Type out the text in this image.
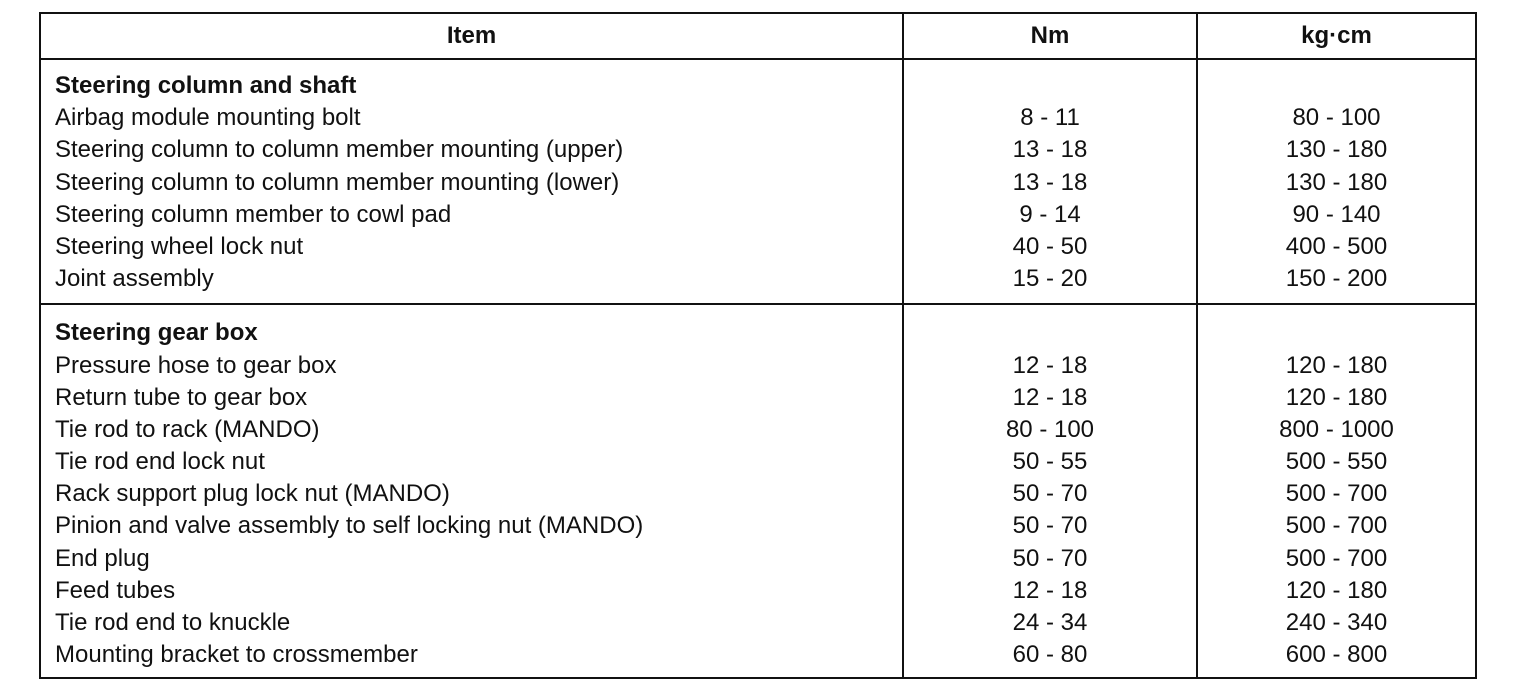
Item	Nm	kg·cm
Steering column and shaft
Airbag module mounting bolt
Steering column to column member mounting (upper)
Steering column to column member mounting (lower)
Steering column member to cowl pad
Steering wheel lock nut
Joint assembly
8 - 11
13 - 18
13 - 18
9 - 14
40 - 50
15 - 20
80 - 100
130 - 180
130 - 180
90 - 140
400 - 500
150 - 200
Steering gear box
Pressure hose to gear box
Return tube to gear box
Tie rod to rack (MANDO)
Tie rod end lock nut
Rack support plug lock nut (MANDO)
Pinion and valve assembly to self locking nut (MANDO)
End plug
Feed tubes
Tie rod end to knuckle
Mounting bracket to crossmember
12 - 18
12 - 18
80 - 100
50 - 55
50 - 70
50 - 70
50 - 70
12 - 18
24 - 34
60 - 80
120 - 180
120 - 180
800 - 1000
500 - 550
500 - 700
500 - 700
500 - 700
120 - 180
240 - 340
600 - 800
